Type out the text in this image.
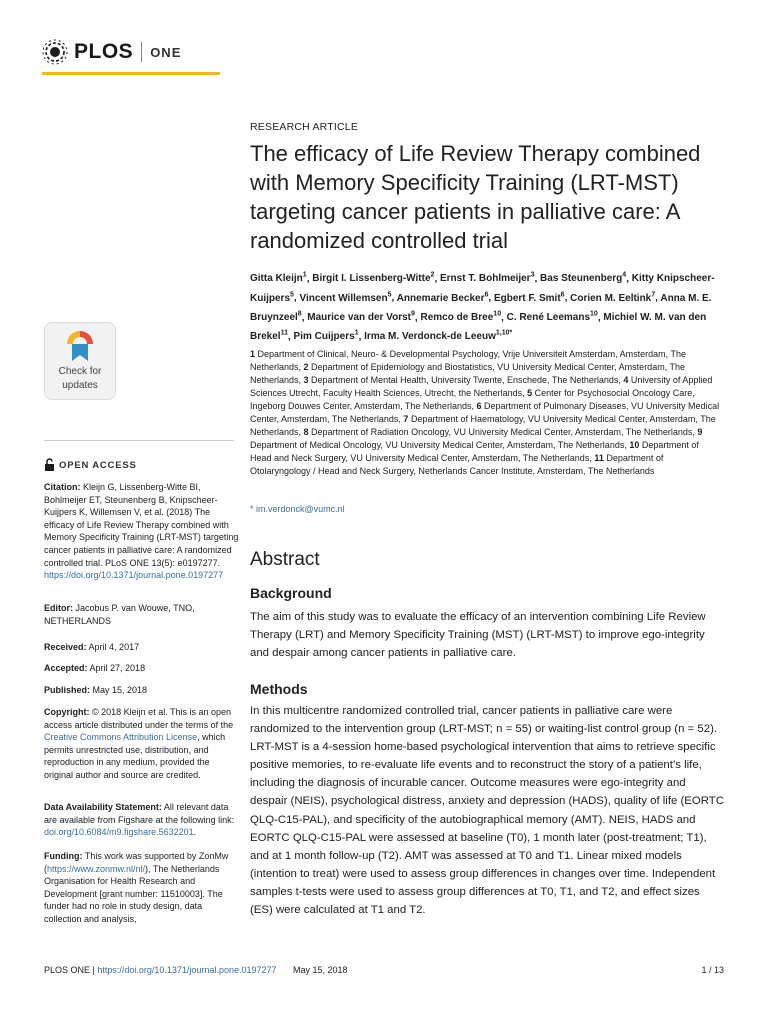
PLOS ONE
Check for
updates
OPEN ACCESS
Citation: Kleijn G, Lissenberg-Witte BI, Bohlmeijer ET, Steunenberg B, Knipscheer-Kuijpers K, Willemsen V, et al. (2018) The efficacy of Life Review Therapy combined with Memory Specificity Training (LRT-MST) targeting cancer patients in palliative care: A randomized controlled trial. PLoS ONE 13(5): e0197277. https://doi.org/10.1371/journal.pone.0197277
Editor: Jacobus P. van Wouwe, TNO, NETHERLANDS
Received: April 4, 2017
Accepted: April 27, 2018
Published: May 15, 2018
Copyright: © 2018 Kleijn et al. This is an open access article distributed under the terms of the Creative Commons Attribution License, which permits unrestricted use, distribution, and reproduction in any medium, provided the original author and source are credited.
Data Availability Statement: All relevant data are available from Figshare at the following link: doi.org/10.6084/m9.figshare.5632201.
Funding: This work was supported by ZonMw (https://www.zonmw.nl/nl/), The Netherlands Organisation for Health Research and Development [grant number: 11510003]. The funder had no role in study design, data collection and analysis,
RESEARCH ARTICLE
The efficacy of Life Review Therapy combined with Memory Specificity Training (LRT-MST) targeting cancer patients in palliative care: A randomized controlled trial
Gitta Kleijn$^1$, Birgit I. Lissenberg-Witte$^2$, Ernst T. Bohlmeijer$^3$, Bas Steunenberg$^4$, Kitty Knipscheer-Kuijpers$^5$, Vincent Willemsen$^5$, Annemarie Becker$^6$, Egbert F. Smit$^6$, Corien M. Eeltink$^7$, Anna M. E. Bruynzeel$^8$, Maurice van der Vorst$^9$, Remco de Bree$^{10}$, C. René Leemans$^{10}$, Michiel W. M. van den Brekel$^{11}$, Pim Cuijpers$^1$, Irma M. Verdonck-de Leeuw$^{1,10*}$
1 Department of Clinical, Neuro- & Developmental Psychology, Vrije Universiteit Amsterdam, Amsterdam, The Netherlands, 2 Department of Epidemiology and Biostatistics, VU University Medical Center, Amsterdam, The Netherlands, 3 Department of Mental Health, University Twente, Enschede, The Netherlands, 4 University of Applied Sciences Utrecht, Faculty Health Sciences, Utrecht, the Netherlands, 5 Center for Psychosocial Oncology Care, Ingeborg Douwes Center, Amsterdam, The Netherlands, 6 Department of Pulmonary Diseases, VU University Medical Center, Amsterdam, The Netherlands, 7 Department of Haematology, VU University Medical Center, Amsterdam, The Netherlands, 8 Department of Radiation Oncology, VU University Medical Center, Amsterdam, The Netherlands, 9 Department of Medical Oncology, VU University Medical Center, Amsterdam, The Netherlands, 10 Department of Head and Neck Surgery, VU University Medical Center, Amsterdam, The Netherlands, 11 Department of Otolaryngology / Head and Neck Surgery, Netherlands Cancer Institute, Amsterdam, The Netherlands
* im.verdonck@vumc.nl
Abstract
Background
The aim of this study was to evaluate the efficacy of an intervention combining Life Review Therapy (LRT) and Memory Specificity Training (MST) (LRT-MST) to improve ego-integrity and despair among cancer patients in palliative care.
Methods
In this multicentre randomized controlled trial, cancer patients in palliative care were randomized to the intervention group (LRT-MST; n = 55) or waiting-list control group (n = 52). LRT-MST is a 4-session home-based psychological intervention that aims to retrieve specific positive memories, to re-evaluate life events and to reconstruct the story of a patient’s life, including the diagnosis of incurable cancer. Outcome measures were ego-integrity and despair (NEIS), psychological distress, anxiety and depression (HADS), quality of life (EORTC QLQ-C15-PAL), and specificity of the autobiographical memory (AMT). NEIS, HADS and EORTC QLQ-C15-PAL were assessed at baseline (T0), 1 month later (post-treatment; T1), and at 1 month follow-up (T2). AMT was assessed at T0 and T1. Linear mixed models (intention to treat) were used to assess group differences in changes over time. Independent samples t-tests were used to assess group differences at T0, T1, and T2, and effect sizes (ES) were calculated at T1 and T2.
PLOS ONE | https://doi.org/10.1371/journal.pone.0197277 May 15, 2018	1 / 13
